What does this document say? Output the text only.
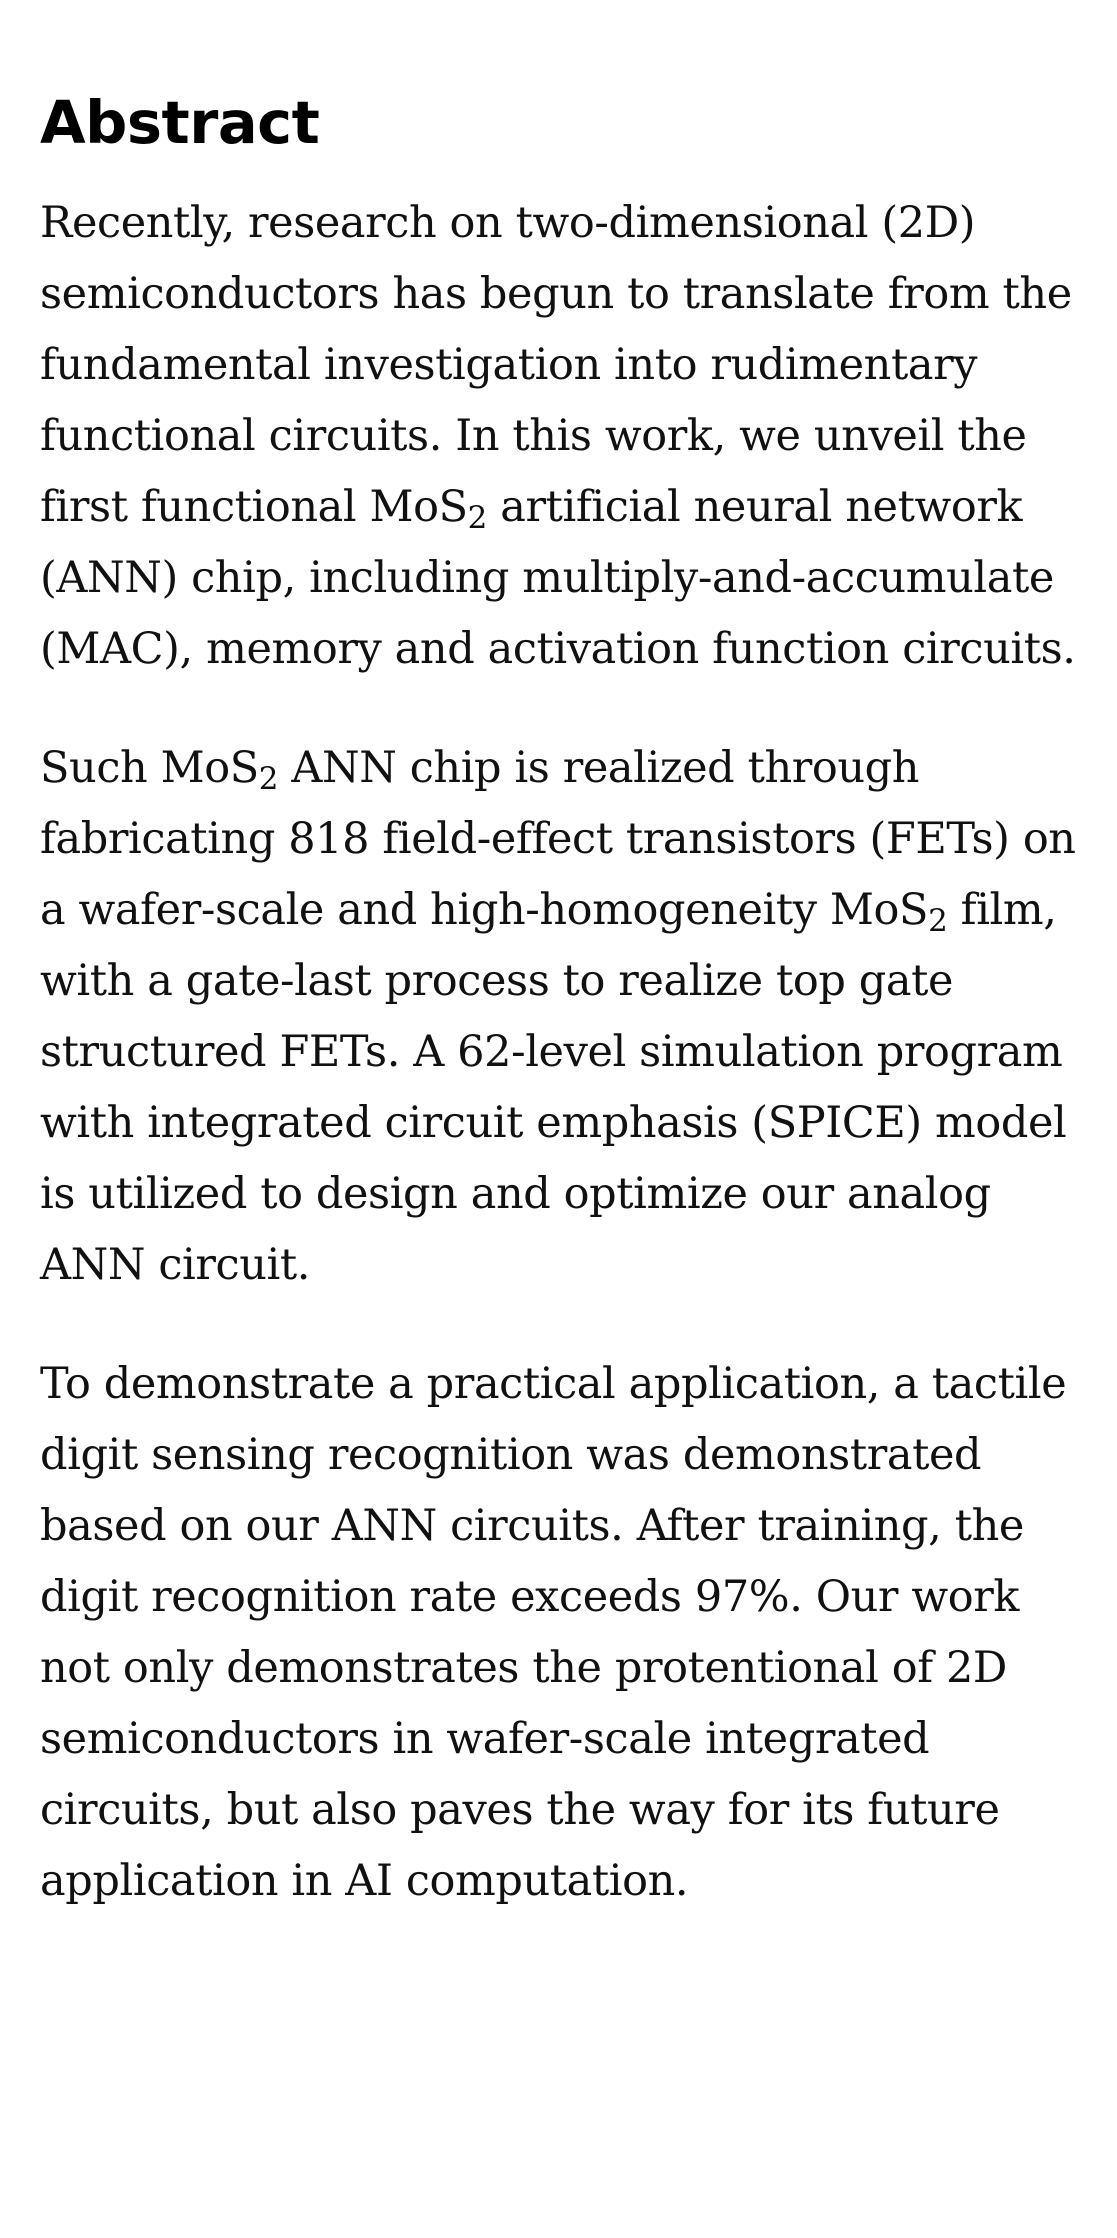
Abstract

Recently, research on two-dimensional (2D) semiconductors has begun to translate from the fundamental investigation into rudimentary functional circuits. In this work, we unveil the first functional MoS$_2$ artificial neural network (ANN) chip, including multiply-and-accumulate (MAC), memory and activation function circuits.

Such MoS$_2$ ANN chip is realized through fabricating 818 field-effect transistors (FETs) on a wafer-scale and high-homogeneity MoS$_2$ film, with a gate-last process to realize top gate structured FETs. A 62-level simulation program with integrated circuit emphasis (SPICE) model is utilized to design and optimize our analog ANN circuit.

To demonstrate a practical application, a tactile digit sensing recognition was demonstrated based on our ANN circuits. After training, the digit recognition rate exceeds 97%. Our work not only demonstrates the protentional of 2D semiconductors in wafer-scale integrated circuits, but also paves the way for its future application in AI computation.
